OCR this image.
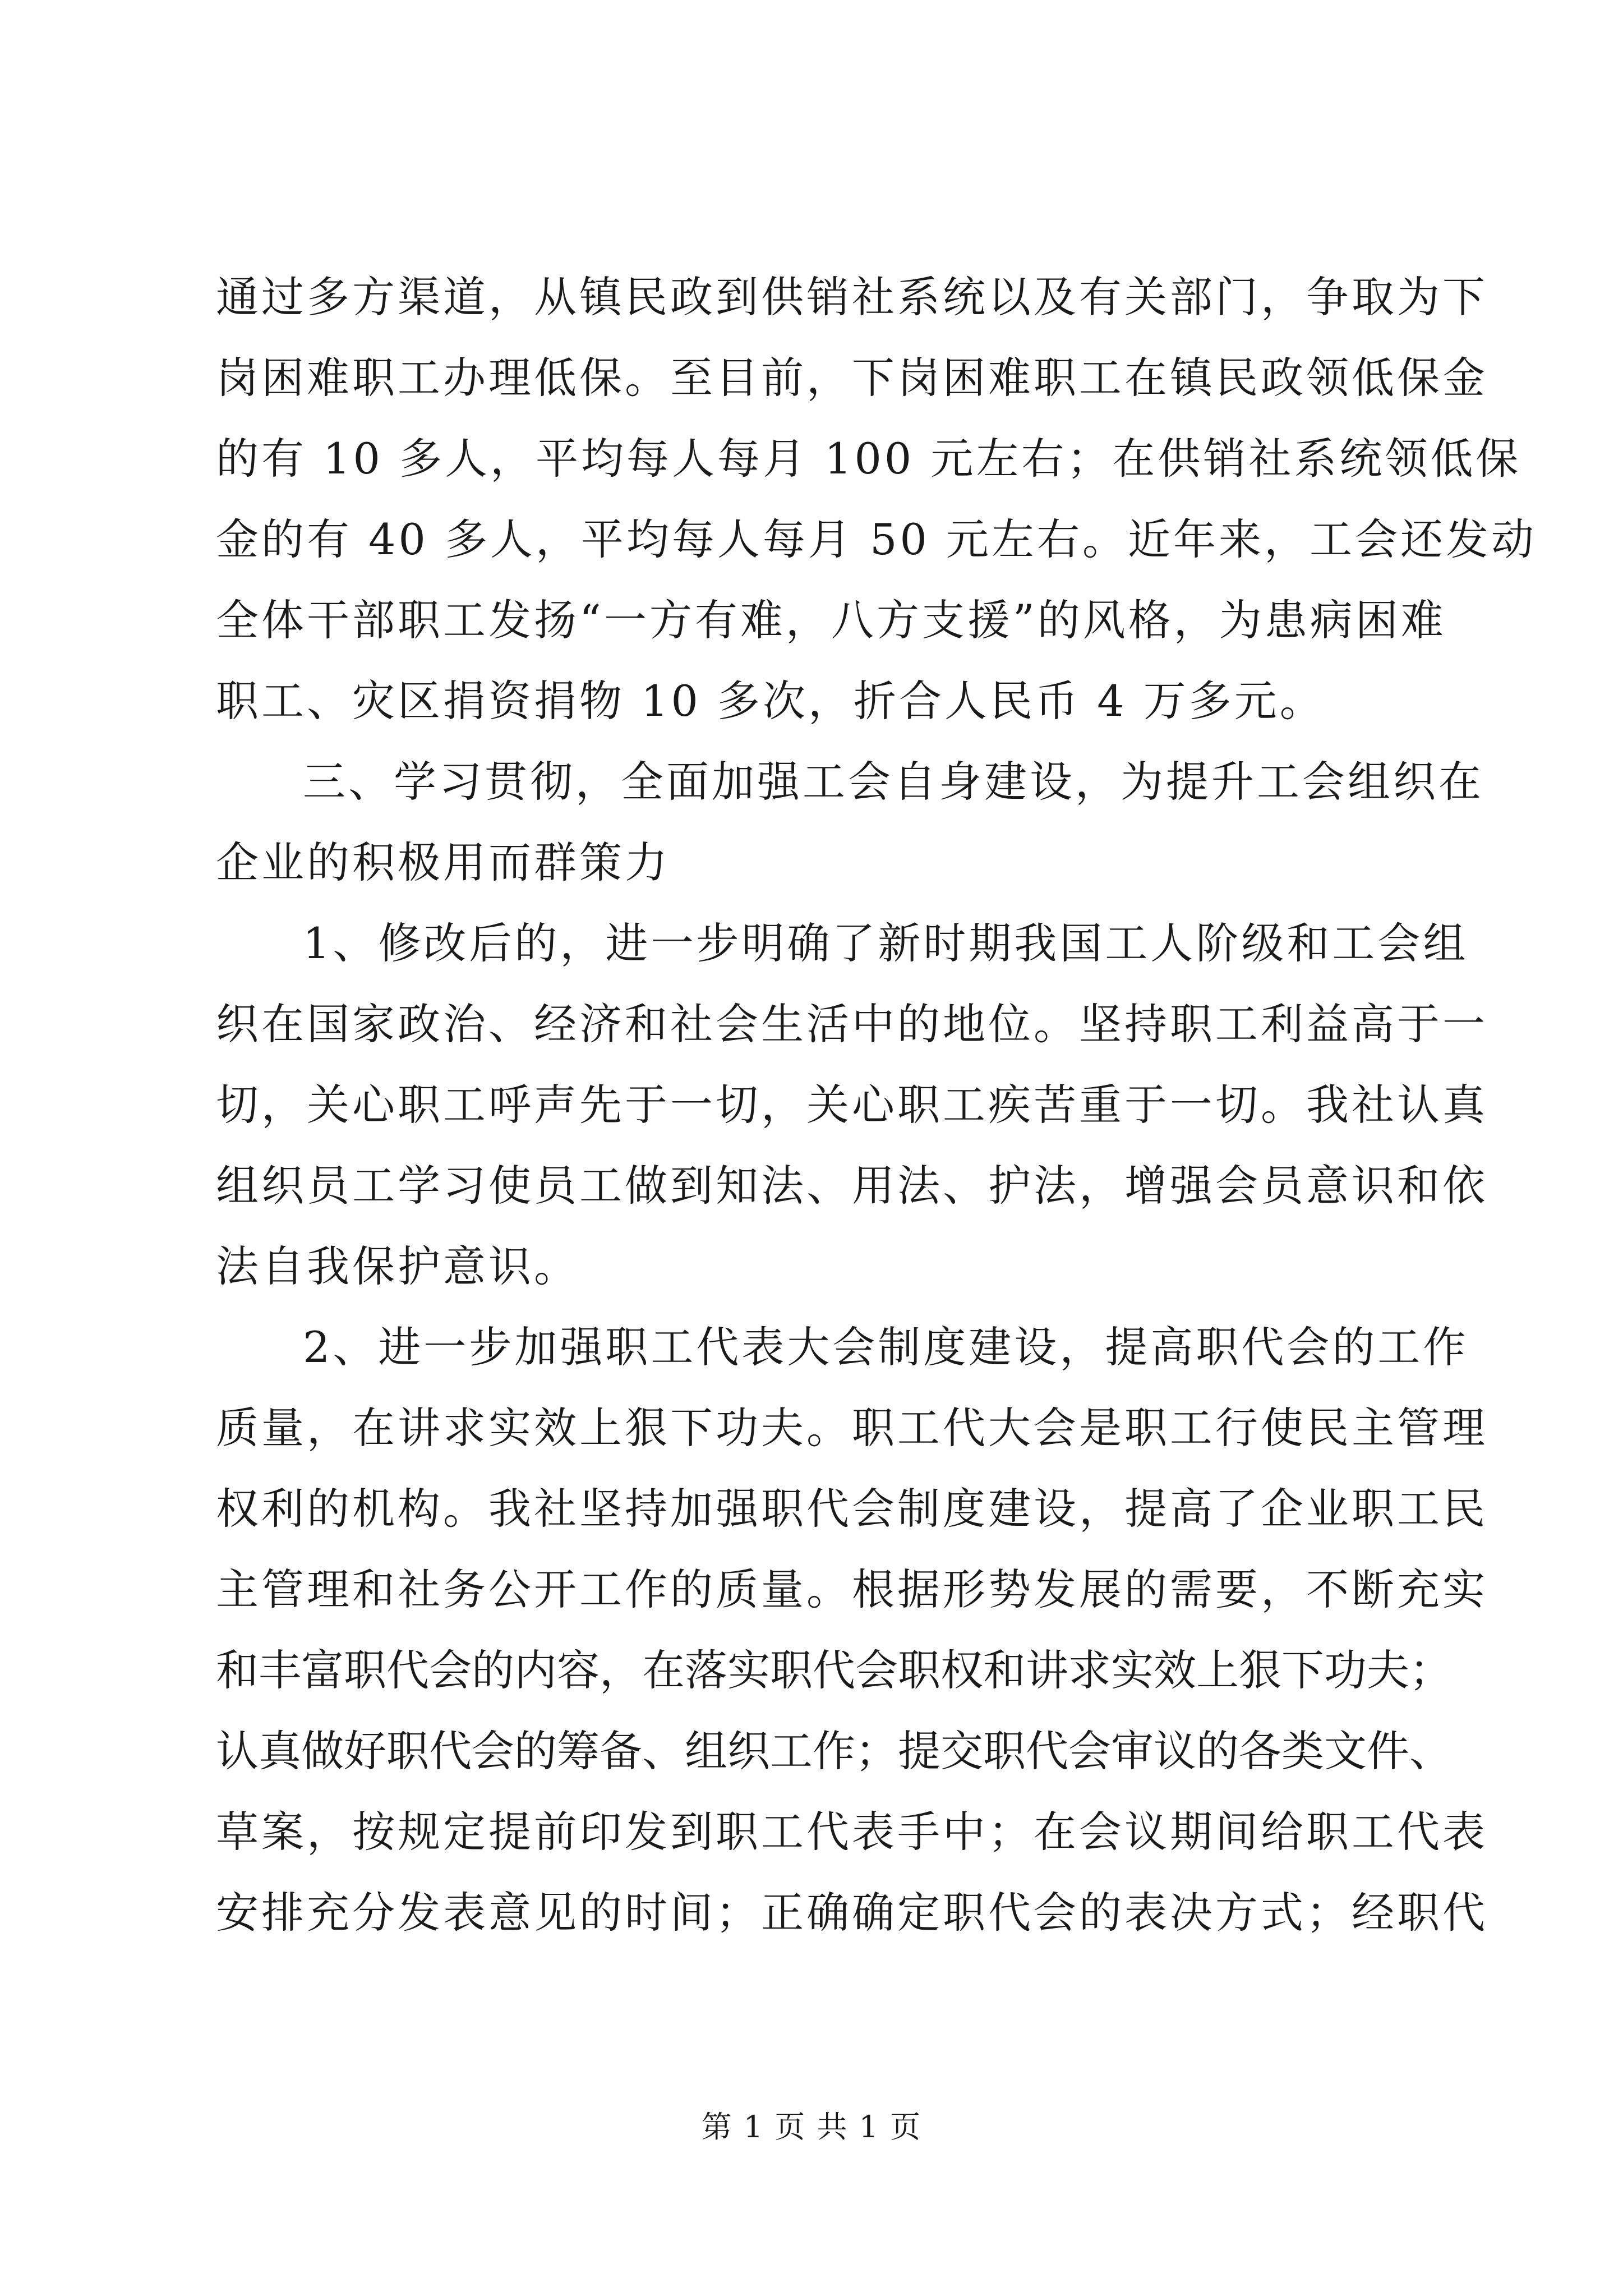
通过多方渠道，从镇民政到供销社系统以及有关部门，争取为下
岗困难职工办理低保。至目前，下岗困难职工在镇民政领低保金
的有 10 多人，平均每人每月 100 元左右；在供销社系统领低保
金的有 40 多人，平均每人每月 50 元左右。近年来，工会还发动
全体干部职工发扬“一方有难，八方支援”的风格，为患病困难
职工、灾区捐资捐物 10 多次，折合人民币 4 万多元。
三、学习贯彻，全面加强工会自身建设，为提升工会组织在
企业的积极用而群策力
1、修改后的，进一步明确了新时期我国工人阶级和工会组
织在国家政治、经济和社会生活中的地位。坚持职工利益高于一
切，关心职工呼声先于一切，关心职工疾苦重于一切。我社认真
组织员工学习使员工做到知法、用法、护法，增强会员意识和依
法自我保护意识。
2、进一步加强职工代表大会制度建设，提高职代会的工作
质量，在讲求实效上狠下功夫。职工代大会是职工行使民主管理
权利的机构。我社坚持加强职代会制度建设，提高了企业职工民
主管理和社务公开工作的质量。根据形势发展的需要，不断充实
和丰富职代会的内容，在落实职代会职权和讲求实效上狠下功夫；
认真做好职代会的筹备、组织工作；提交职代会审议的各类文件、
草案，按规定提前印发到职工代表手中；在会议期间给职工代表
安排充分发表意见的时间；正确确定职代会的表决方式；经职代
第 1 页 共 1 页
